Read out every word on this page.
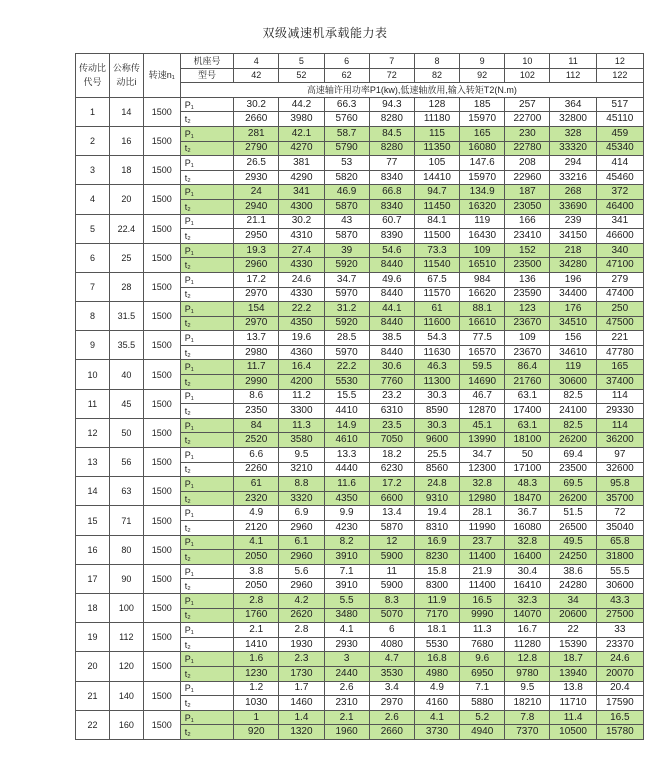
双级减速机承载能力表
传动比代号	公称传动比i	转速n₁	机座号	4	5	6	7	8	9	10	11	12
			型号	42	52	62	72	82	92	102	112	122
			高速轴许用功率P1(kw),低速轴放用,输入转矩T2(N.m)									
1	14	1500	P₁	30.2	44.2	66.3	94.3	128	185	257	364	517
			t₂	2660	3980	5760	8280	11180	15970	22700	32800	45110
2	16	1500	P₁	281	42.1	58.7	84.5	115	165	230	328	459
			t₂	2790	4270	5790	8280	11350	16080	22780	33320	45340
3	18	1500	P₁	26.5	381	53	77	105	147.6	208	294	414
			t₂	2930	4290	5820	8340	14410	15970	22960	33216	45460
4	20	1500	P₁	24	341	46.9	66.8	94.7	134.9	187	268	372
			t₂	2940	4300	5870	8340	11450	16320	23050	33690	46400
5	22.4	1500	P₁	21.1	30.2	43	60.7	84.1	119	166	239	341
			t₂	2950	4310	5870	8390	11500	16430	23410	34150	46600
6	25	1500	P₁	19.3	27.4	39	54.6	73.3	109	152	218	340
			t₂	2960	4330	5920	8440	11540	16510	23500	34280	47100
7	28	1500	P₁	17.2	24.6	34.7	49.6	67.5	984	136	196	279
			t₂	2970	4330	5970	8440	11570	16620	23590	34400	47400
8	31.5	1500	P₁	154	22.2	31.2	44.1	61	88.1	123	176	250
			t₂	2970	4350	5920	8440	11600	16610	23670	34510	47500
9	35.5	1500	P₁	13.7	19.6	28.5	38.5	54.3	77.5	109	156	221
			t₂	2980	4360	5970	8440	11630	16570	23670	34610	47780
10	40	1500	P₁	11.7	16.4	22.2	30.6	46.3	59.5	86.4	119	165
			t₂	2990	4200	5530	7760	11300	14690	21760	30600	37400
11	45	1500	P₁	8.6	11.2	15.5	23.2	30.3	46.7	63.1	82.5	114
			t₂	2350	3300	4410	6310	8590	12870	17400	24100	29330
12	50	1500	P₁	84	11.3	14.9	23.5	30.3	45.1	63.1	82.5	114
			t₂	2520	3580	4610	7050	9600	13990	18100	26200	36200
13	56	1500	P₁	6.6	9.5	13.3	18.2	25.5	34.7	50	69.4	97
			t₂	2260	3210	4440	6230	8560	12300	17100	23500	32600
14	63	1500	P₁	61	8.8	11.6	17.2	24.8	32.8	48.3	69.5	95.8
			t₂	2320	3320	4350	6600	9310	12980	18470	26200	35700
15	71	1500	P₁	4.9	6.9	9.9	13.4	19.4	28.1	36.7	51.5	72
			t₂	2120	2960	4230	5870	8310	11990	16080	26500	35040
16	80	1500	P₁	4.1	6.1	8.2	12	16.9	23.7	32.8	49.5	65.8
			t₂	2050	2960	3910	5900	8230	11400	16400	24250	31800
17	90	1500	P₁	3.8	5.6	7.1	11	15.8	21.9	30.4	38.6	55.5
			t₂	2050	2960	3910	5900	8300	11400	16410	24280	30600
18	100	1500	P₁	2.8	4.2	5.5	8.3	11.9	16.5	32.3	34	43.3
			t₂	1760	2620	3480	5070	7170	9990	14070	20600	27500
19	112	1500	P₁	2.1	2.8	4.1	6	18.1	11.3	16.7	22	33
			t₂	1410	1930	2930	4080	5530	7680	11280	15390	23370
20	120	1500	P₁	1.6	2.3	3	4.7	16.8	9.6	12.8	18.7	24.6
			t₂	1230	1730	2440	3530	4980	6950	9780	13940	20070
21	140	1500	P₁	1.2	1.7	2.6	3.4	4.9	7.1	9.5	13.8	20.4
			t₂	1030	1460	2310	2970	4160	5880	18210	11710	17590
22	160	1500	P₁	1	1.4	2.1	2.6	4.1	5.2	7.8	11.4	16.5
			t₂	920	1320	1960	2660	3730	4940	7370	10500	15780
